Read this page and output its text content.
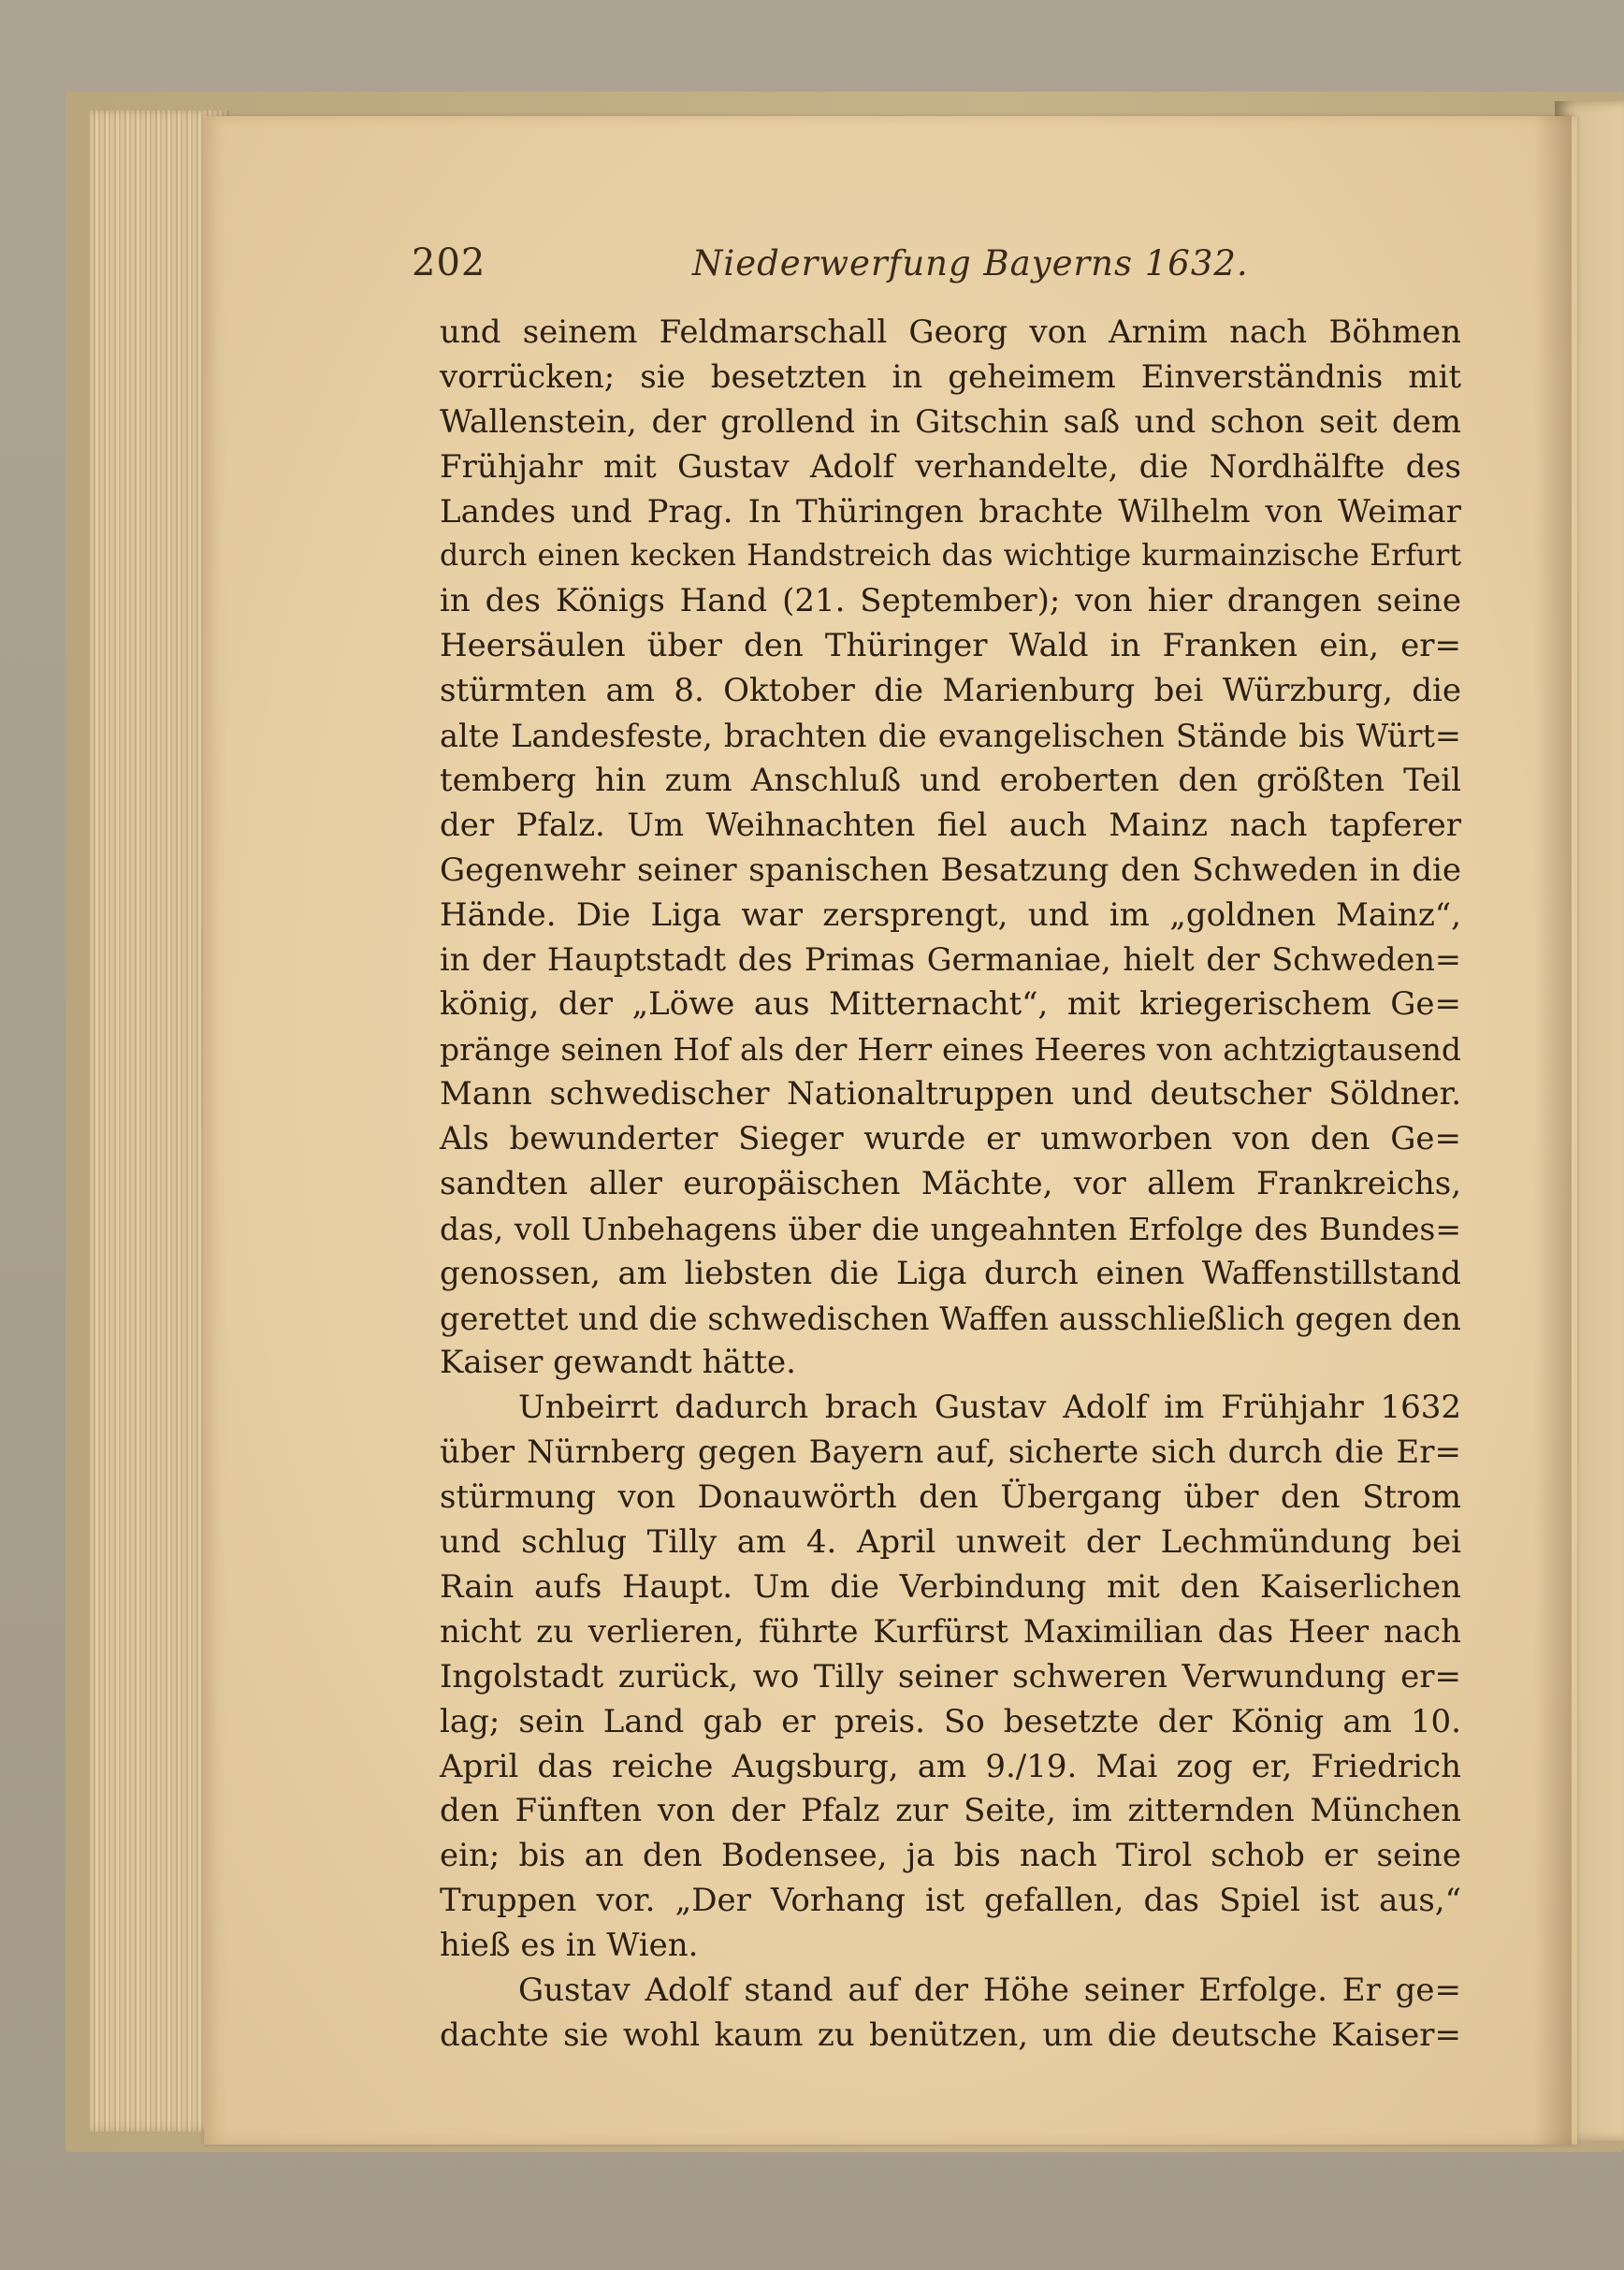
202	Niederwerfung Bayerns 1632.
und seinem Feldmarschall Georg von Arnim nach Böhmen
vorrücken; sie besetzten in geheimem Einverständnis mit
Wallenstein, der grollend in Gitschin saß und schon seit dem
Frühjahr mit Gustav Adolf verhandelte, die Nordhälfte des
Landes und Prag. In Thüringen brachte Wilhelm von Weimar
durch einen kecken Handstreich das wichtige kurmainzische Erfurt
in des Königs Hand (21. September); von hier drangen seine
Heersäulen über den Thüringer Wald in Franken ein, er=
stürmten am 8. Oktober die Marienburg bei Würzburg, die
alte Landesfeste, brachten die evangelischen Stände bis Würt=
temberg hin zum Anschluß und eroberten den größten Teil
der Pfalz. Um Weihnachten fiel auch Mainz nach tapferer
Gegenwehr seiner spanischen Besatzung den Schweden in die
Hände. Die Liga war zersprengt, und im „goldnen Mainz“,
in der Hauptstadt des Primas Germaniae, hielt der Schweden=
könig, der „Löwe aus Mitternacht“, mit kriegerischem Ge=
pränge seinen Hof als der Herr eines Heeres von achtzigtausend
Mann schwedischer Nationaltruppen und deutscher Söldner.
Als bewunderter Sieger wurde er umworben von den Ge=
sandten aller europäischen Mächte, vor allem Frankreichs,
das, voll Unbehagens über die ungeahnten Erfolge des Bundes=
genossen, am liebsten die Liga durch einen Waffenstillstand
gerettet und die schwedischen Waffen ausschließlich gegen den
Kaiser gewandt hätte.
Unbeirrt dadurch brach Gustav Adolf im Frühjahr 1632
über Nürnberg gegen Bayern auf, sicherte sich durch die Er=
stürmung von Donauwörth den Übergang über den Strom
und schlug Tilly am 4. April unweit der Lechmündung bei
Rain aufs Haupt. Um die Verbindung mit den Kaiserlichen
nicht zu verlieren, führte Kurfürst Maximilian das Heer nach
Ingolstadt zurück, wo Tilly seiner schweren Verwundung er=
lag; sein Land gab er preis. So besetzte der König am 10.
April das reiche Augsburg, am 9./19. Mai zog er, Friedrich
den Fünften von der Pfalz zur Seite, im zitternden München
ein; bis an den Bodensee, ja bis nach Tirol schob er seine
Truppen vor. „Der Vorhang ist gefallen, das Spiel ist aus,“
hieß es in Wien.
Gustav Adolf stand auf der Höhe seiner Erfolge. Er ge=
dachte sie wohl kaum zu benützen, um die deutsche Kaiser=
